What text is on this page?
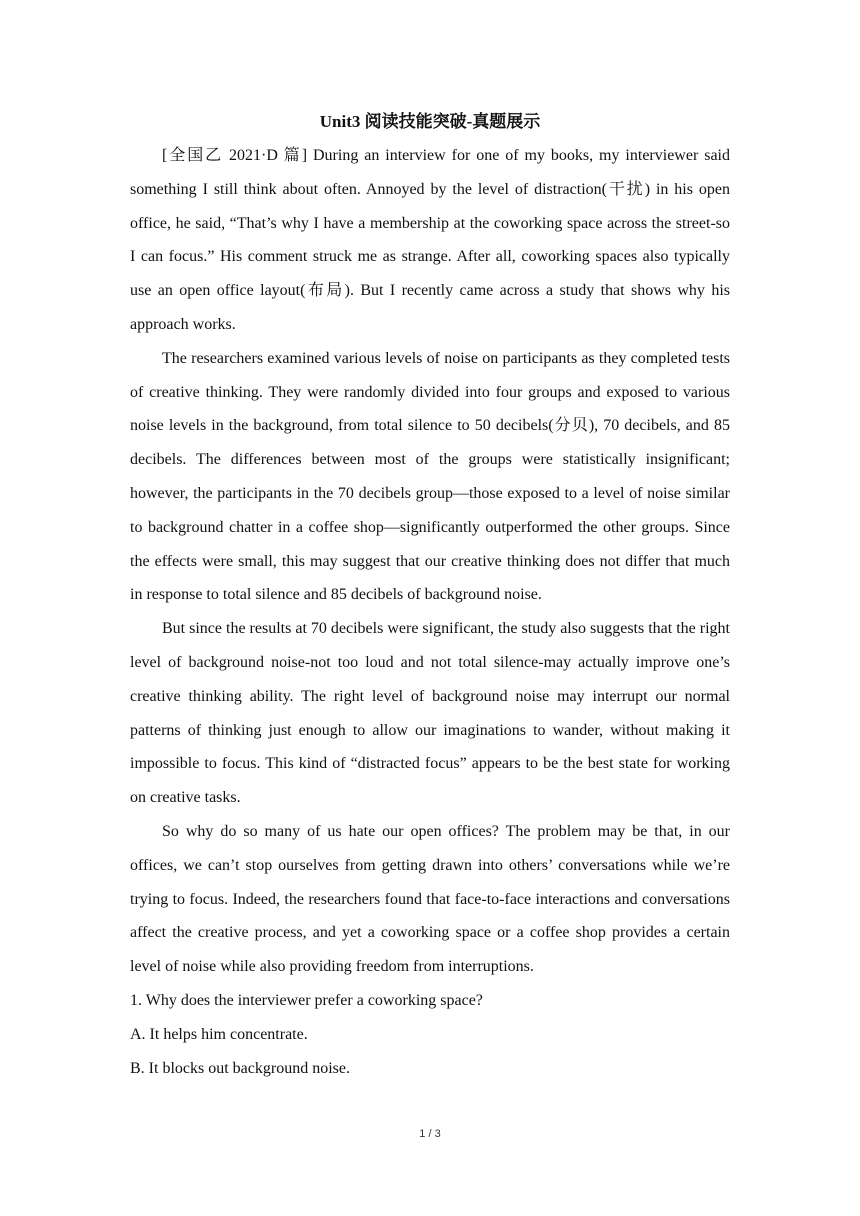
Unit3 阅读技能突破-真题展示

[全国乙 2021·D 篇] During an interview for one of my books, my interviewer said something I still think about often. Annoyed by the level of distraction(干扰) in his open office, he said, “That’s why I have a membership at the coworking space across the street-so I can focus.” His comment struck me as strange. After all, coworking spaces also typically use an open office layout(布局). But I recently came across a study that shows why his approach works.

The researchers examined various levels of noise on participants as they completed tests of creative thinking. They were randomly divided into four groups and exposed to various noise levels in the background, from total silence to 50 decibels(分贝), 70 decibels, and 85 decibels. The differences between most of the groups were statistically insignificant; however, the participants in the 70 decibels group—those exposed to a level of noise similar to background chatter in a coffee shop—significantly outperformed the other groups. Since the effects were small, this may suggest that our creative thinking does not differ that much in response to total silence and 85 decibels of background noise.

But since the results at 70 decibels were significant, the study also suggests that the right level of background noise-not too loud and not total silence-may actually improve one’s creative thinking ability. The right level of background noise may interrupt our normal patterns of thinking just enough to allow our imaginations to wander, without making it impossible to focus. This kind of “distracted focus” appears to be the best state for working on creative tasks.

So why do so many of us hate our open offices? The problem may be that, in our offices, we can’t stop ourselves from getting drawn into others’ conversations while we’re trying to focus. Indeed, the researchers found that face-to-face interactions and conversations affect the creative process, and yet a coworking space or a coffee shop provides a certain level of noise while also providing freedom from interruptions.

1. Why does the interviewer prefer a coworking space?

A. It helps him concentrate.

B. It blocks out background noise.

1 / 3
